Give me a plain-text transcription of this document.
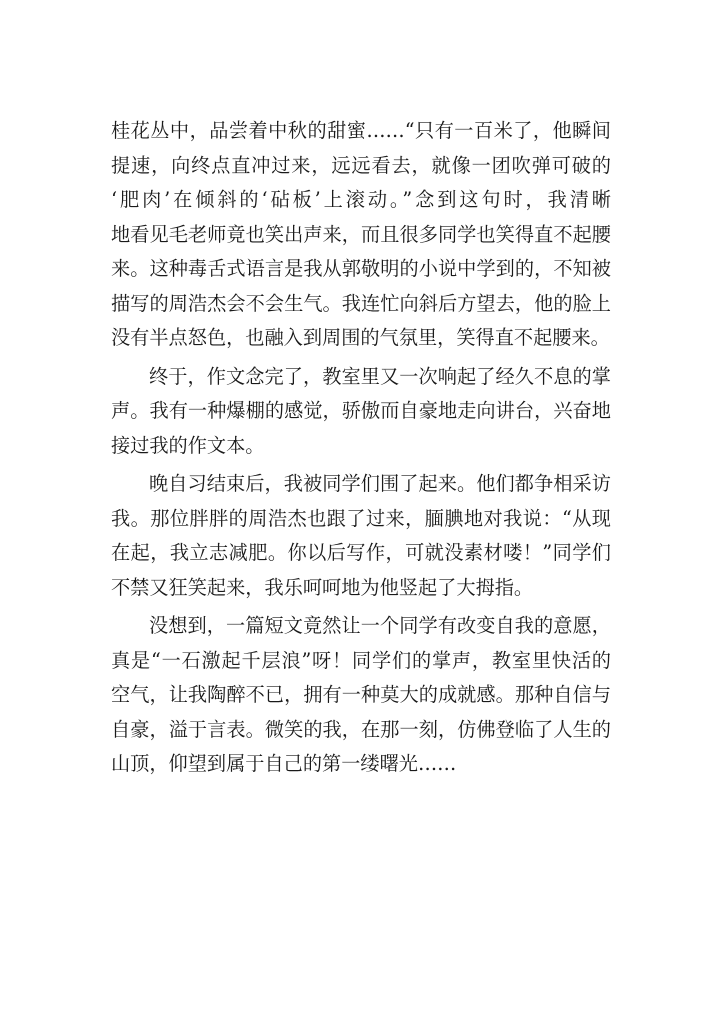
桂花丛中，品尝着中秋的甜蜜……“只有一百米了，他瞬间
提速，向终点直冲过来，远远看去，就像一团吹弹可破的
‘肥肉’在倾斜的‘砧板’上滚动。”念到这句时，我清晰
地看见毛老师竟也笑出声来，而且很多同学也笑得直不起腰
来。这种毒舌式语言是我从郭敬明的小说中学到的，不知被
描写的周浩杰会不会生气。我连忙向斜后方望去，他的脸上
没有半点怒色，也融入到周围的气氛里，笑得直不起腰来。
终于，作文念完了，教室里又一次响起了经久不息的掌
声。我有一种爆棚的感觉，骄傲而自豪地走向讲台，兴奋地
接过我的作文本。
晚自习结束后，我被同学们围了起来。他们都争相采访
我。那位胖胖的周浩杰也跟了过来，腼腆地对我说：“从现
在起，我立志减肥。你以后写作，可就没素材喽！”同学们
不禁又狂笑起来，我乐呵呵地为他竖起了大拇指。
没想到，一篇短文竟然让一个同学有改变自我的意愿，
真是“一石激起千层浪”呀！同学们的掌声，教室里快活的
空气，让我陶醉不已，拥有一种莫大的成就感。那种自信与
自豪，溢于言表。微笑的我，在那一刻，仿佛登临了人生的
山顶，仰望到属于自己的第一缕曙光……
